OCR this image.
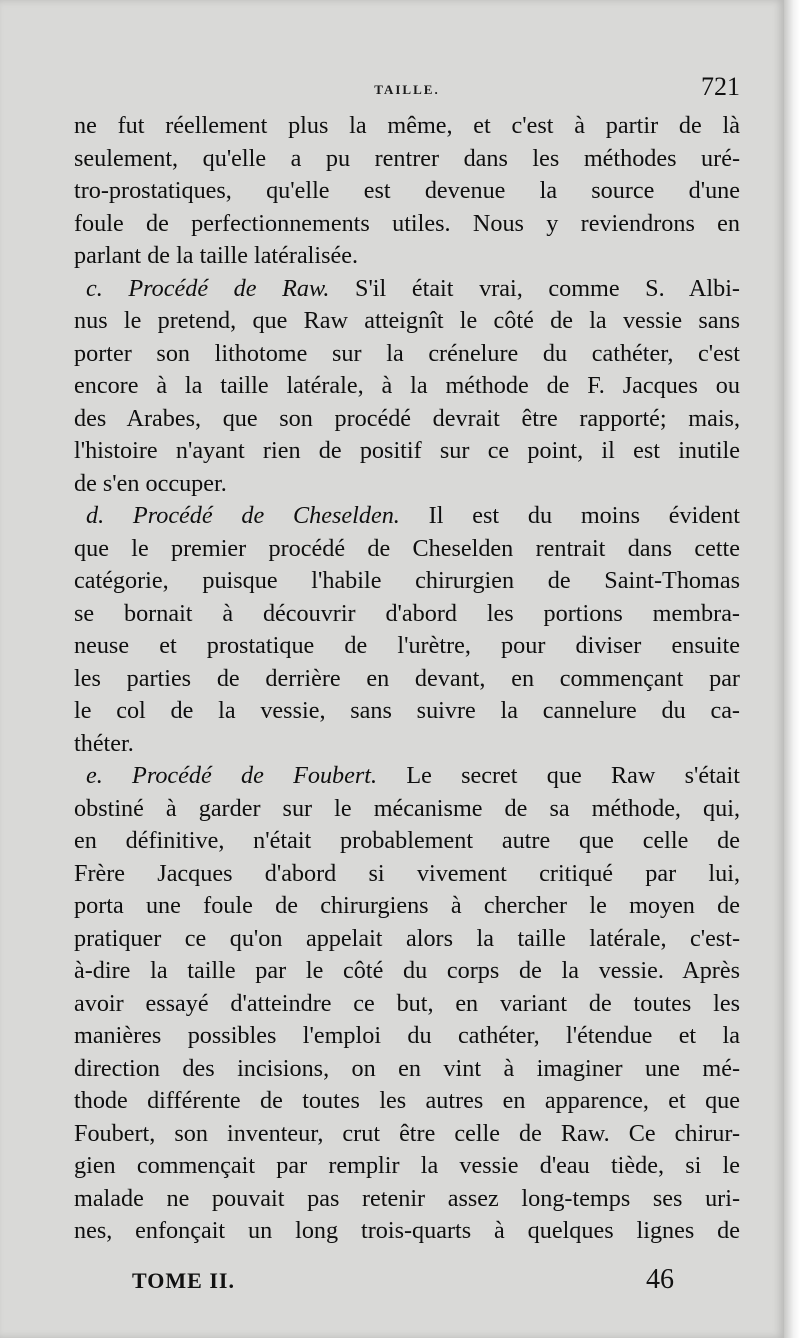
TAILLE.	721
ne fut réellement plus la même, et c'est à partir de là
seulement, qu'elle a pu rentrer dans les méthodes uré-
tro-prostatiques, qu'elle est devenue la source d'une
foule de perfectionnements utiles. Nous y reviendrons en
parlant de la taille latéralisée.
c. Procédé de Raw. S'il était vrai, comme S. Albi-
nus le pretend, que Raw atteignît le côté de la vessie sans
porter son lithotome sur la crénelure du cathéter, c'est
encore à la taille latérale, à la méthode de F. Jacques ou
des Arabes, que son procédé devrait être rapporté; mais,
l'histoire n'ayant rien de positif sur ce point, il est inutile
de s'en occuper.
d. Procédé de Cheselden. Il est du moins évident
que le premier procédé de Cheselden rentrait dans cette
catégorie, puisque l'habile chirurgien de Saint-Thomas
se bornait à découvrir d'abord les portions membra-
neuse et prostatique de l'urètre, pour diviser ensuite
les parties de derrière en devant, en commençant par
le col de la vessie, sans suivre la cannelure du ca-
théter.
e. Procédé de Foubert. Le secret que Raw s'était
obstiné à garder sur le mécanisme de sa méthode, qui,
en définitive, n'était probablement autre que celle de
Frère Jacques d'abord si vivement critiqué par lui,
porta une foule de chirurgiens à chercher le moyen de
pratiquer ce qu'on appelait alors la taille latérale, c'est-
à-dire la taille par le côté du corps de la vessie. Après
avoir essayé d'atteindre ce but, en variant de toutes les
manières possibles l'emploi du cathéter, l'étendue et la
direction des incisions, on en vint à imaginer une mé-
thode différente de toutes les autres en apparence, et que
Foubert, son inventeur, crut être celle de Raw. Ce chirur-
gien commençait par remplir la vessie d'eau tiède, si le
malade ne pouvait pas retenir assez long-temps ses uri-
nes, enfonçait un long trois-quarts à quelques lignes de
TOME II.	46
